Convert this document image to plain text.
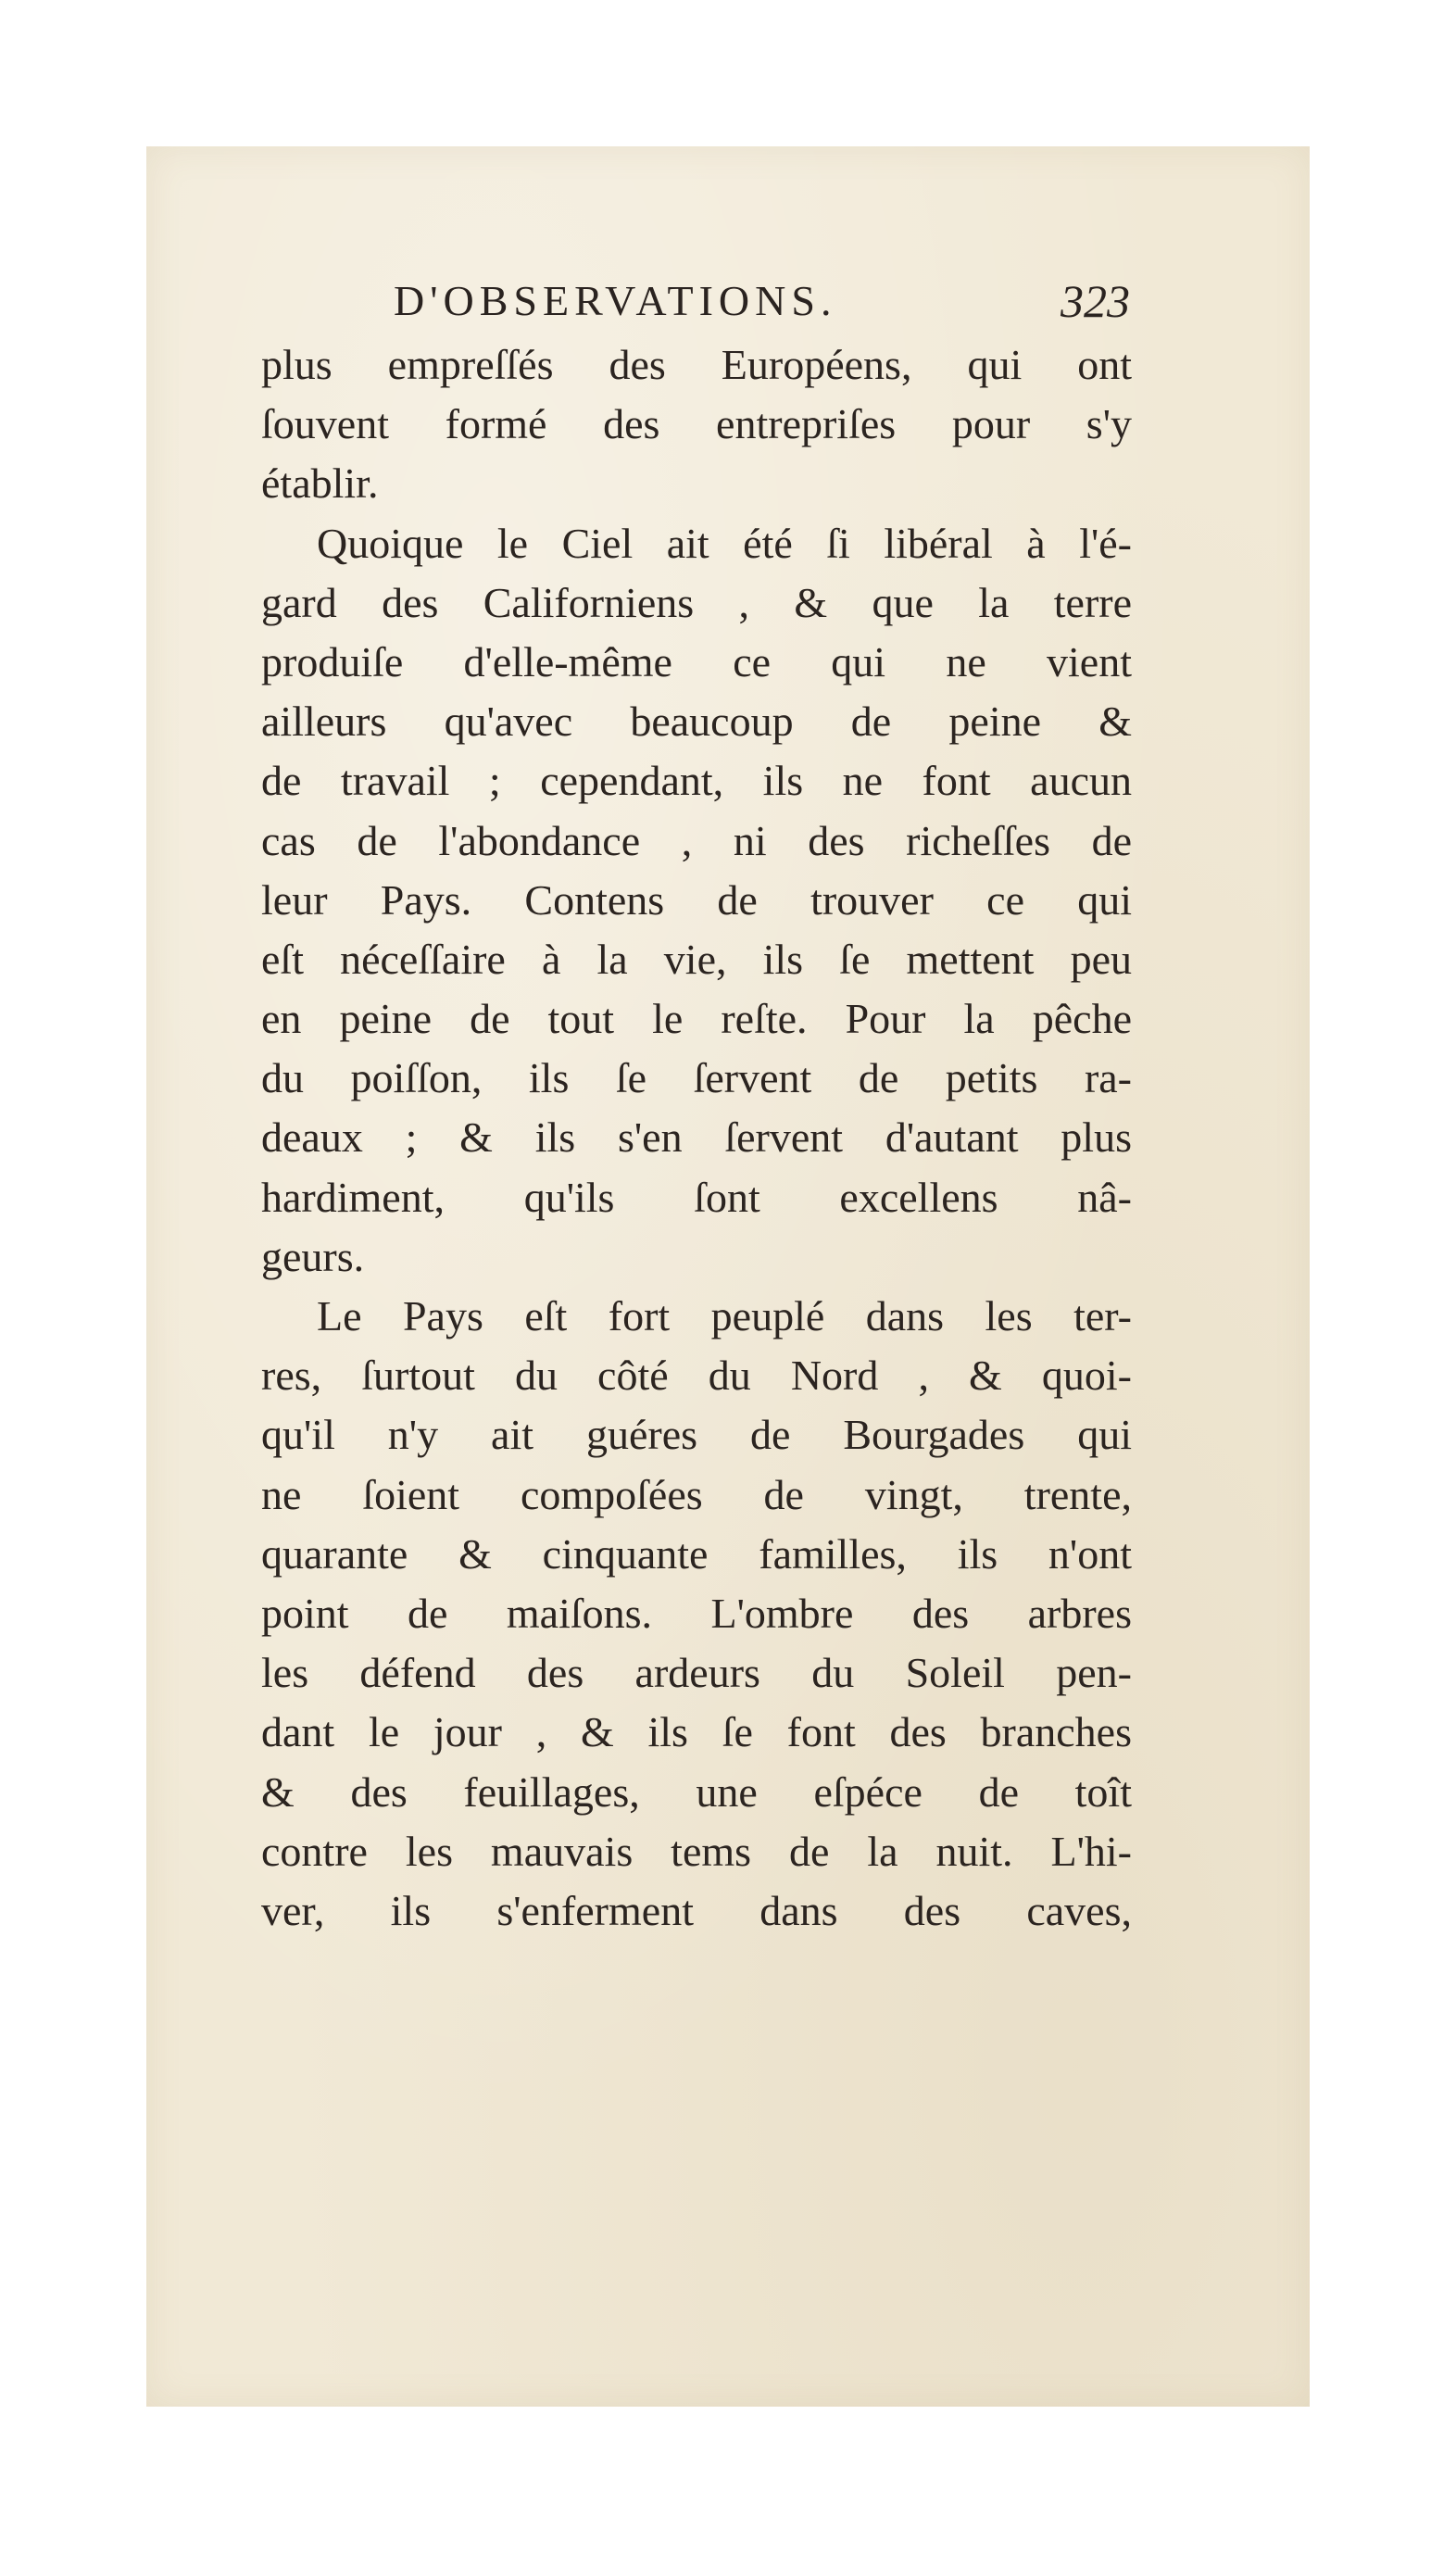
D'OBSERVATIONS.	323
plus empreſſés des Européens, qui ont
ſouvent formé des entrepriſes pour s'y
établir.
Quoique le Ciel ait été ſi libéral à l'é-
gard des Californiens , & que la terre
produiſe d'elle-même ce qui ne vient
ailleurs qu'avec beaucoup de peine &
de travail ; cependant, ils ne font aucun
cas de l'abondance , ni des richeſſes de
leur Pays. Contens de trouver ce qui
eſt néceſſaire à la vie, ils ſe mettent peu
en peine de tout le reſte. Pour la pêche
du poiſſon, ils ſe ſervent de petits ra-
deaux ; & ils s'en ſervent d'autant plus
hardiment, qu'ils ſont excellens nâ-
geurs.
Le Pays eſt fort peuplé dans les ter-
res, ſurtout du côté du Nord , & quoi-
qu'il n'y ait guéres de Bourgades qui
ne ſoient compoſées de vingt, trente,
quarante & cinquante familles, ils n'ont
point de maiſons. L'ombre des arbres
les défend des ardeurs du Soleil pen-
dant le jour , & ils ſe font des branches
& des feuillages, une eſpéce de toît
contre les mauvais tems de la nuit. L'hi-
ver, ils s'enferment dans des caves,
